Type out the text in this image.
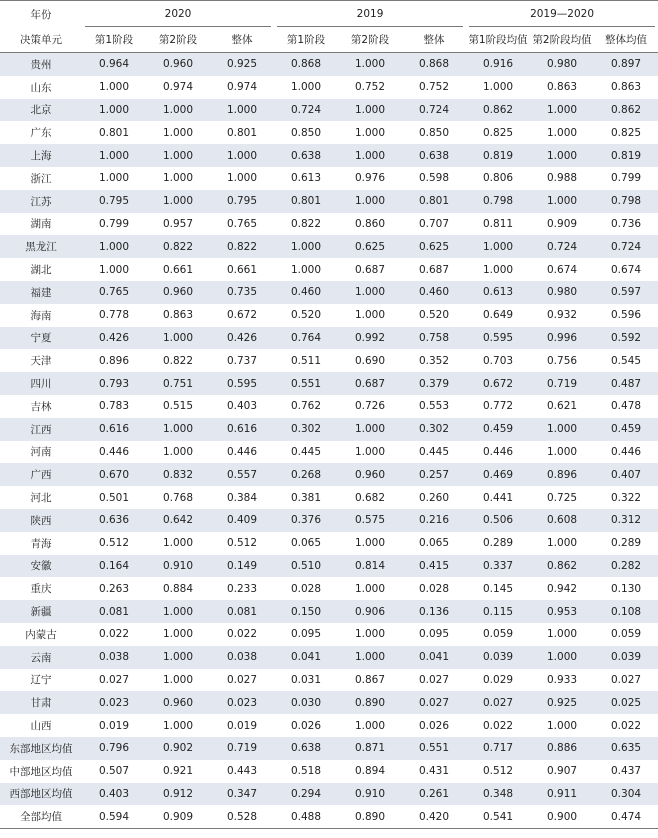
年份	2020			2019			2019—2020		
决策单元	第1阶段	第2阶段	整体	第1阶段	第2阶段	整体	第1阶段均值	第2阶段均值	整体均值
贵州	0.964	0.960	0.925	0.868	1.000	0.868	0.916	0.980	0.897
山东	1.000	0.974	0.974	1.000	0.752	0.752	1.000	0.863	0.863
北京	1.000	1.000	1.000	0.724	1.000	0.724	0.862	1.000	0.862
广东	0.801	1.000	0.801	0.850	1.000	0.850	0.825	1.000	0.825
上海	1.000	1.000	1.000	0.638	1.000	0.638	0.819	1.000	0.819
浙江	1.000	1.000	1.000	0.613	0.976	0.598	0.806	0.988	0.799
江苏	0.795	1.000	0.795	0.801	1.000	0.801	0.798	1.000	0.798
湖南	0.799	0.957	0.765	0.822	0.860	0.707	0.811	0.909	0.736
黑龙江	1.000	0.822	0.822	1.000	0.625	0.625	1.000	0.724	0.724
湖北	1.000	0.661	0.661	1.000	0.687	0.687	1.000	0.674	0.674
福建	0.765	0.960	0.735	0.460	1.000	0.460	0.613	0.980	0.597
海南	0.778	0.863	0.672	0.520	1.000	0.520	0.649	0.932	0.596
宁夏	0.426	1.000	0.426	0.764	0.992	0.758	0.595	0.996	0.592
天津	0.896	0.822	0.737	0.511	0.690	0.352	0.703	0.756	0.545
四川	0.793	0.751	0.595	0.551	0.687	0.379	0.672	0.719	0.487
吉林	0.783	0.515	0.403	0.762	0.726	0.553	0.772	0.621	0.478
江西	0.616	1.000	0.616	0.302	1.000	0.302	0.459	1.000	0.459
河南	0.446	1.000	0.446	0.445	1.000	0.445	0.446	1.000	0.446
广西	0.670	0.832	0.557	0.268	0.960	0.257	0.469	0.896	0.407
河北	0.501	0.768	0.384	0.381	0.682	0.260	0.441	0.725	0.322
陕西	0.636	0.642	0.409	0.376	0.575	0.216	0.506	0.608	0.312
青海	0.512	1.000	0.512	0.065	1.000	0.065	0.289	1.000	0.289
安徽	0.164	0.910	0.149	0.510	0.814	0.415	0.337	0.862	0.282
重庆	0.263	0.884	0.233	0.028	1.000	0.028	0.145	0.942	0.130
新疆	0.081	1.000	0.081	0.150	0.906	0.136	0.115	0.953	0.108
内蒙古	0.022	1.000	0.022	0.095	1.000	0.095	0.059	1.000	0.059
云南	0.038	1.000	0.038	0.041	1.000	0.041	0.039	1.000	0.039
辽宁	0.027	1.000	0.027	0.031	0.867	0.027	0.029	0.933	0.027
甘肃	0.023	0.960	0.023	0.030	0.890	0.027	0.027	0.925	0.025
山西	0.019	1.000	0.019	0.026	1.000	0.026	0.022	1.000	0.022
东部地区均值	0.796	0.902	0.719	0.638	0.871	0.551	0.717	0.886	0.635
中部地区均值	0.507	0.921	0.443	0.518	0.894	0.431	0.512	0.907	0.437
西部地区均值	0.403	0.912	0.347	0.294	0.910	0.261	0.348	0.911	0.304
全部均值	0.594	0.909	0.528	0.488	0.890	0.420	0.541	0.900	0.474
